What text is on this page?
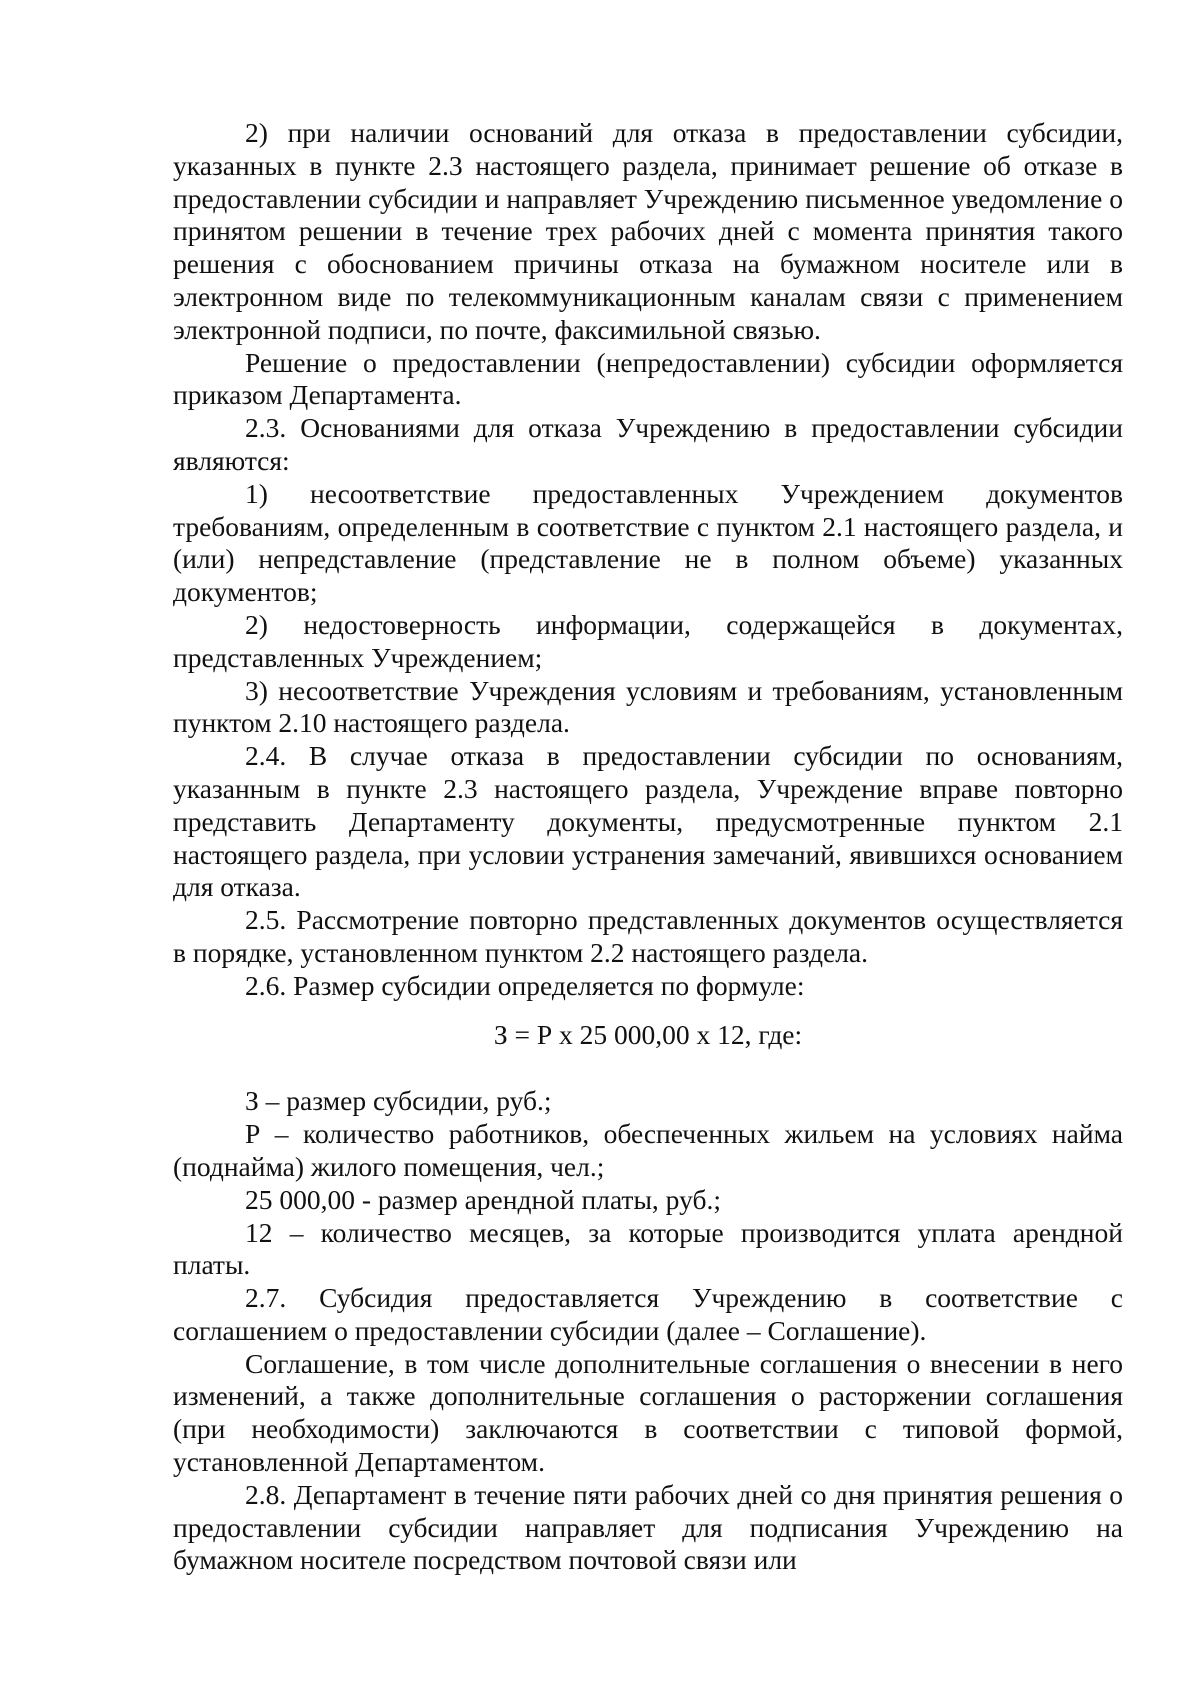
2) при наличии оснований для отказа в предоставлении субсидии, указанных в пункте 2.3 настоящего раздела, принимает решение об отказе в предоставлении субсидии и направляет Учреждению письменное уведомление о принятом решении в течение трех рабочих дней с момента принятия такого решения с обоснованием причины отказа на бумажном носителе или в электронном виде по телекоммуникационным каналам связи с применением электронной подписи, по почте, факсимильной связью.

Решение о предоставлении (непредоставлении) субсидии оформляется приказом Департамента.

2.3. Основаниями для отказа Учреждению в предоставлении субсидии являются:

1) несоответствие предоставленных Учреждением документов требованиям, определенным в соответствие с пунктом 2.1 настоящего раздела, и (или) непредставление (представление не в полном объеме) указанных документов;

2) недостоверность информации, содержащейся в документах, представленных Учреждением;

3) несоответствие Учреждения условиям и требованиям, установленным пунктом 2.10 настоящего раздела.

2.4. В случае отказа в предоставлении субсидии по основаниям, указанным в пункте 2.3 настоящего раздела, Учреждение вправе повторно представить Департаменту документы, предусмотренные пунктом 2.1 настоящего раздела, при условии устранения замечаний, явившихся основанием для отказа.

2.5. Рассмотрение повторно представленных документов осуществляется в порядке, установленном пунктом 2.2 настоящего раздела.

2.6. Размер субсидии определяется по формуле:

З = Р х 25 000,00 х 12, где:

З – размер субсидии, руб.;

Р – количество работников, обеспеченных жильем на условиях найма (поднайма) жилого помещения, чел.;

25 000,00 - размер арендной платы, руб.;

12 – количество месяцев, за которые производится уплата арендной платы.

2.7. Субсидия предоставляется Учреждению в соответствие с соглашением о предоставлении субсидии (далее – Соглашение).

Соглашение, в том числе дополнительные соглашения о внесении в него изменений, а также дополнительные соглашения о расторжении соглашения (при необходимости) заключаются в соответствии с типовой формой, установленной Департаментом.

2.8. Департамент в течение пяти рабочих дней со дня принятия решения о предоставлении субсидии направляет для подписания Учреждению на бумажном носителе посредством почтовой связи или
